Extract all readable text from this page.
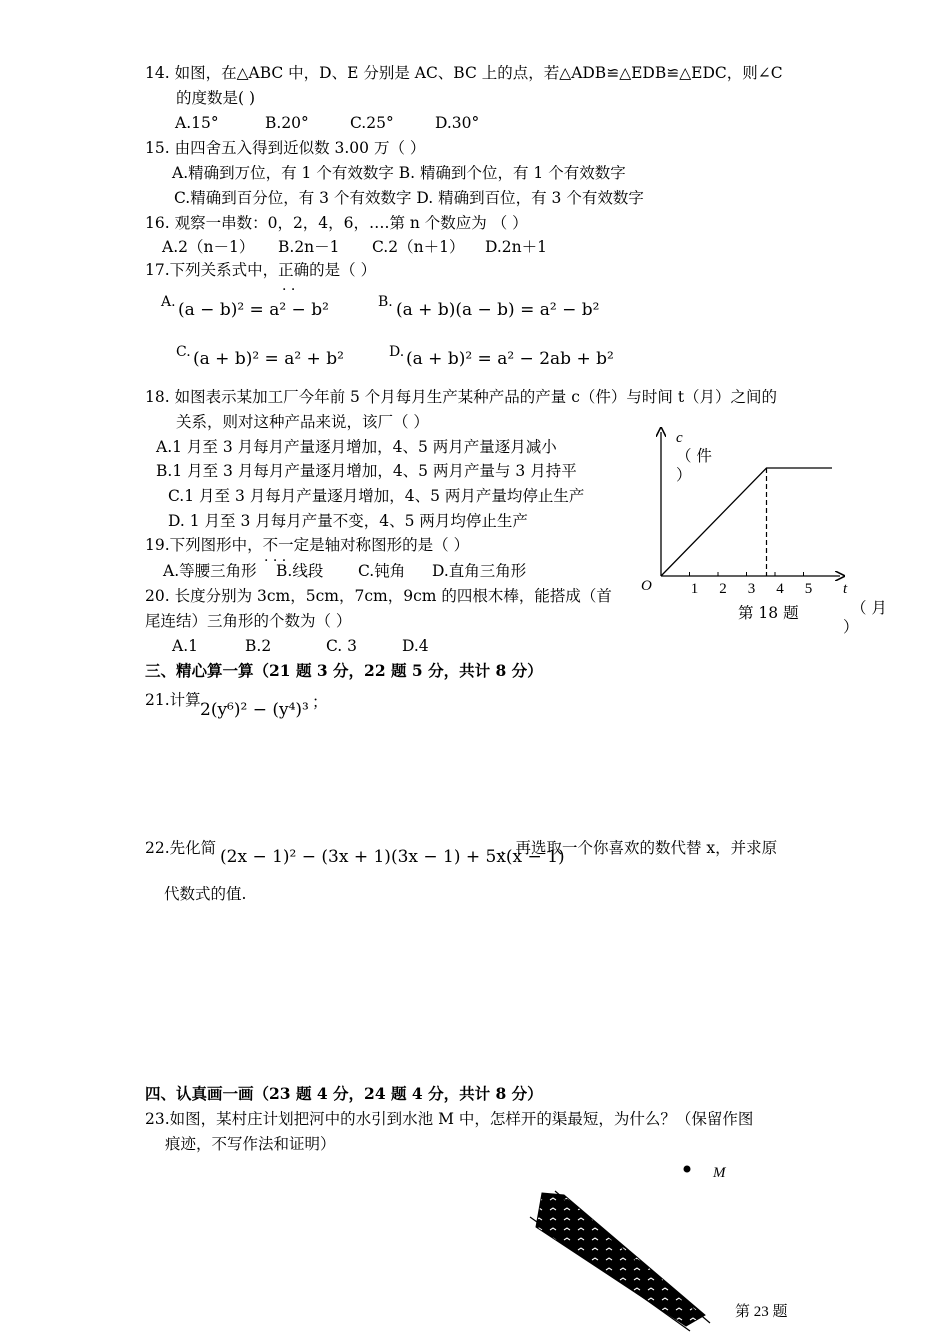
14. 如图，在△ABC 中，D、E 分别是 AC、BC 上的点，若△ADB≌△EDB≌△EDC，则∠C
的度数是( )
A.15°	B.20°	C.25°	D.30°
15. 由四舍五入得到近似数 3.00 万（ ）
A.精确到万位，有 1 个有效数字 B. 精确到个位，有 1 个有效数字
C.精确到百分位，有 3 个有效数字 D. 精确到百位，有 3 个有效数字
16. 观察一串数：0，2，4，6，….第 n 个数应为 （ ）
A.2（n－1） B.2n－1 C.2（n＋1） D.2n＋1
17.下列关系式中，正确的是（ ）
· ·
A. (a − b)² = a² − b²	B. (a + b)(a − b) = a² − b²
C. (a + b)² = a² + b²	D. (a + b)² = a² − 2ab + b²
18. 如图表示某加工厂今年前 5 个月每月生产某种产品的产量 c（件）与时间 t（月）之间的
关系，则对这种产品来说，该厂（ ）
A.1 月至 3 月每月产量逐月增加，4、5 两月产量逐月减小
B.1 月至 3 月每月产量逐月增加，4、5 两月产量与 3 月持平
C.1 月至 3 月每月产量逐月增加，4、5 两月产量均停止生产
D. 1 月至 3 月每月产量不变，4、5 两月均停止生产
19.下列图形中，不一定是轴对称图形的是（ ）
· · ·
A.等腰三角形 B.线段 C.钝角 D.直角三角形
20. 长度分别为 3cm，5cm，7cm，9cm 的四根木棒，能搭成（首
尾连结）三角形的个数为（ ）
A.1	B.2	C. 3	D.4
1 2 3 4 5
O
c
t
（ 件
）
（ 月
）
第 18 题
三、精心算一算（21 题 3 分，22 题 5 分，共计 8 分）
21.计算 2(y⁶)² − (y⁴)³ ；
22.先化简 (2x − 1)² − (3x + 1)(3x − 1) + 5x(x − 1)
，再选取一个你喜欢的数代替 x，并求原
代数式的值.
四、认真画一画（23 题 4 分，24 题 4 分，共计 8 分）
23.如图，某村庄计划把河中的水引到水池 M 中，怎样开的渠最短，为什么？（保留作图
痕迹，不写作法和证明）
M
第 23 题
